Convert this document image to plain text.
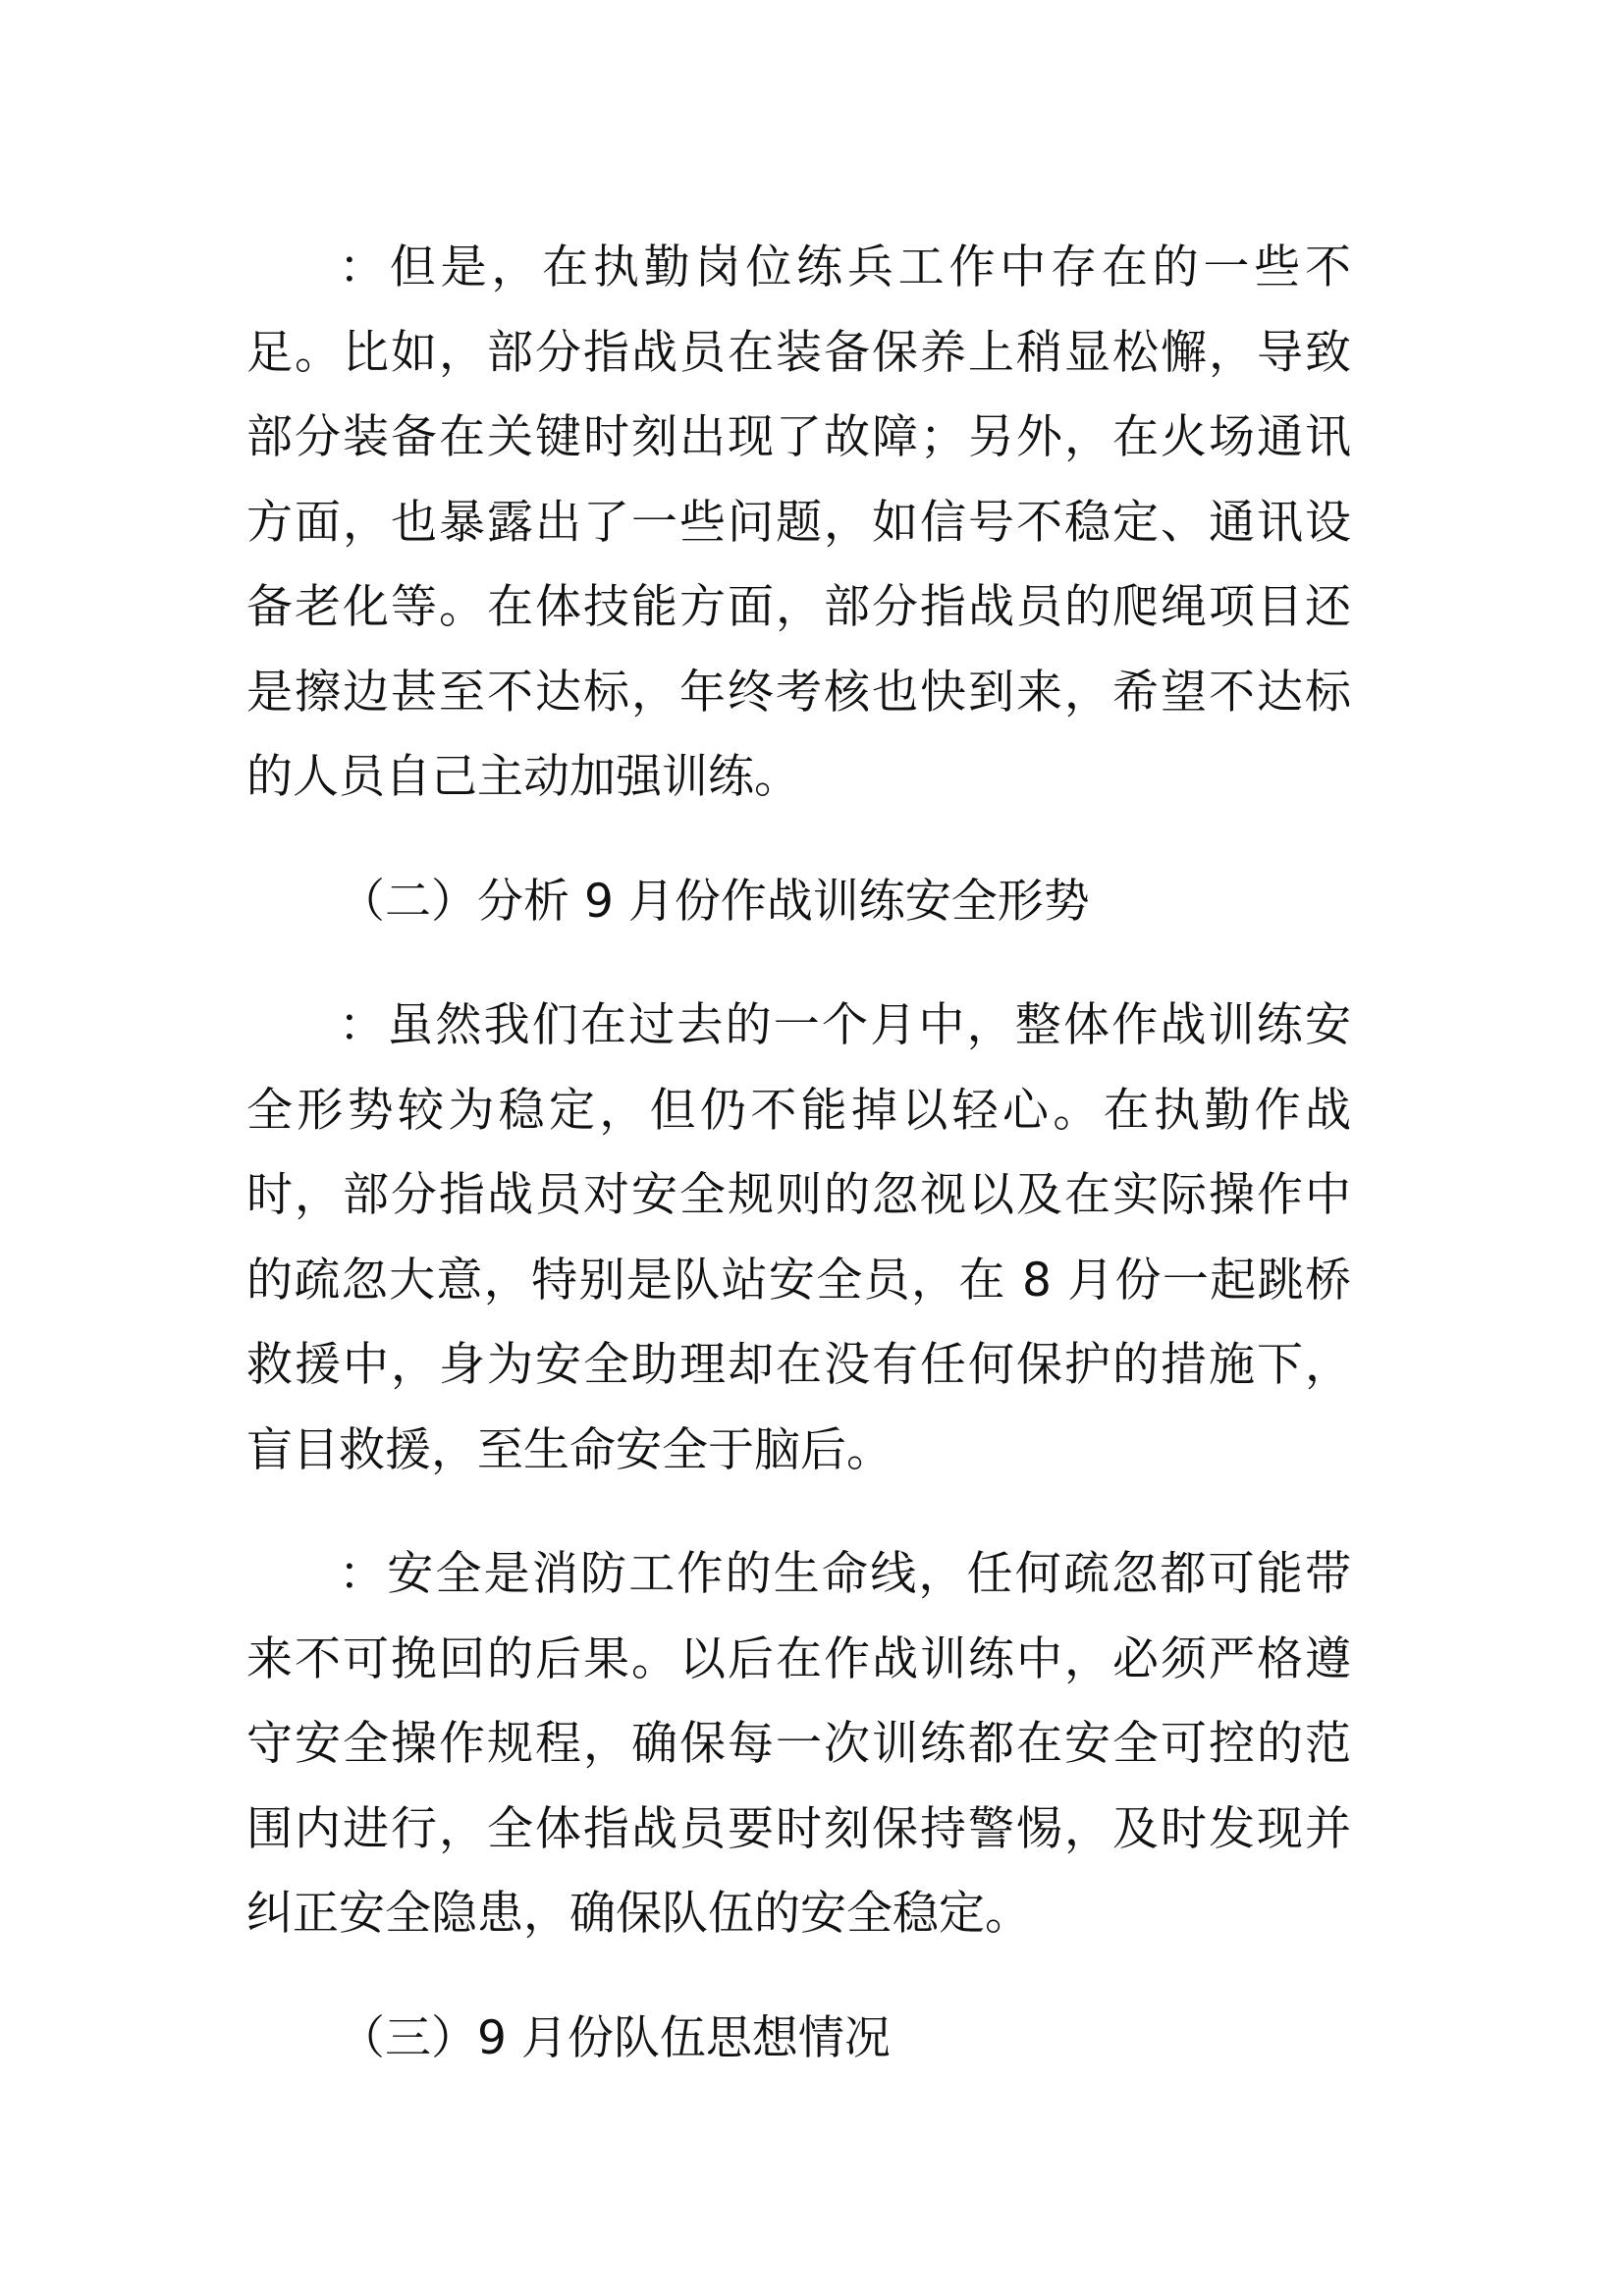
：但是，在执勤岗位练兵工作中存在的一些不足。比如，部分指战员在装备保养上稍显松懈，导致部分装备在关键时刻出现了故障；另外，在火场通讯方面，也暴露出了一些问题，如信号不稳定、通讯设备老化等。在体技能方面，部分指战员的爬绳项目还是擦边甚至不达标，年终考核也快到来，希望不达标的人员自己主动加强训练。

（二）分析 9 月份作战训练安全形势

：虽然我们在过去的一个月中，整体作战训练安全形势较为稳定，但仍不能掉以轻心。在执勤作战时，部分指战员对安全规则的忽视以及在实际操作中的疏忽大意，特别是队站安全员，在 8 月份一起跳桥救援中，身为安全助理却在没有任何保护的措施下，盲目救援，至生命安全于脑后。

：安全是消防工作的生命线，任何疏忽都可能带来不可挽回的后果。以后在作战训练中，必须严格遵守安全操作规程，确保每一次训练都在安全可控的范围内进行，全体指战员要时刻保持警惕，及时发现并纠正安全隐患，确保队伍的安全稳定。

（三）9 月份队伍思想情况
